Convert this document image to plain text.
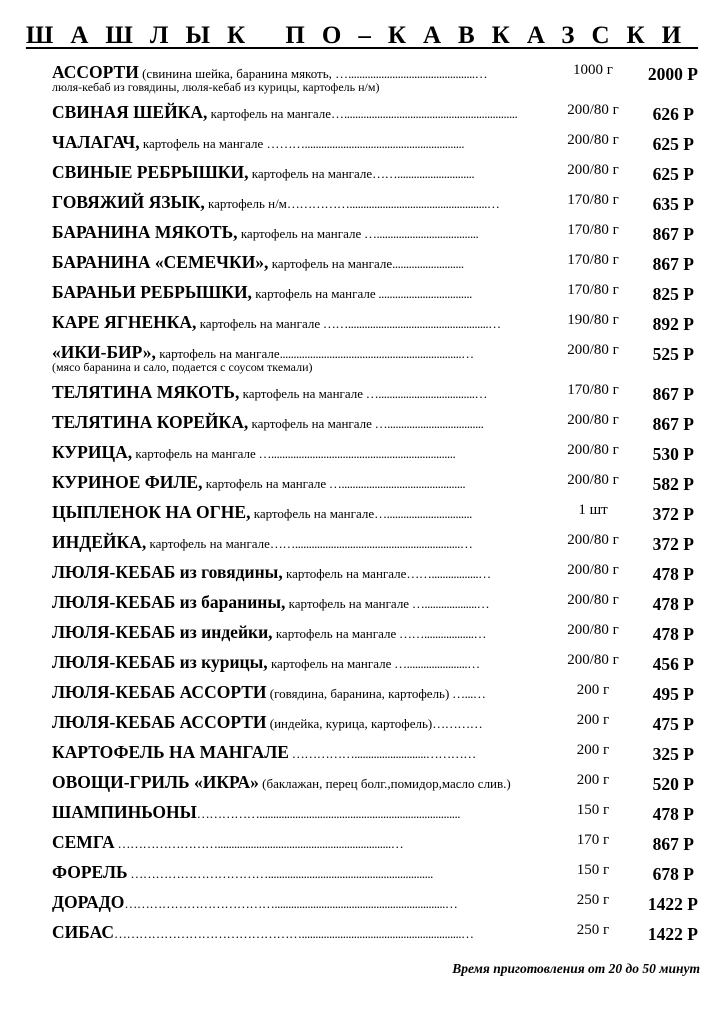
ШАШЛЫК ПО–КАВКАЗСКИ
АССОРТИ (свинина шейка, баранина мякоть, …..............................................…
люля-кебаб из говядины, люля-кебаб из курицы, картофель н/м)
1000 г	2000 Р
СВИНАЯ ШЕЙКА, картофель на мангале…...............................................................	200/80 г	626 Р
ЧАЛАГАЧ, картофель на мангале ………..........................................................	200/80 г	625 Р
СВИНЫЕ РЕБРЫШКИ, картофель на мангале……............................	200/80 г	625 Р
ГОВЯЖИЙ ЯЗЫК, картофель н/м……………..................................................…	170/80 г	635 Р
БАРАНИНА МЯКОТЬ, картофель на мангале ….....................................	170/80 г	867 Р
БАРАНИНА «СЕМЕЧКИ», картофель на мангале..........................	170/80 г	867 Р
БАРАНЬИ РЕБРЫШКИ, картофель на мангале ..................................	170/80 г	825 Р
КАРЕ ЯГНЕНКА, картофель на мангале ……...................................................…	190/80 г	892 Р
«ИКИ-БИР», картофель на мангале..................................................................…
(мясо баранина и сало, подается с соусом ткемали)
200/80 г	525 Р
ТЕЛЯТИНА МЯКОТЬ, картофель на мангале …...................................…	170/80 г	867 Р
ТЕЛЯТИНА КОРЕЙКА, картофель на мангале …...................................	200/80 г	867 Р
КУРИЦА, картофель на мангале …...................................................................	200/80 г	530 Р
КУРИНОЕ ФИЛЕ, картофель на мангале ….............................................	200/80 г	582 Р
ЦЫПЛЕНОК НА ОГНЕ, картофель на мангале…...............................	1 шт	372 Р
ИНДЕЙКА, картофель на мангале……............................................................…	200/80 г	372 Р
ЛЮЛЯ-КЕБАБ из говядины, картофель на мангале…….................…	200/80 г	478 Р
ЛЮЛЯ-КЕБАБ из баранины, картофель на мангале …...................…	200/80 г	478 Р
ЛЮЛЯ-КЕБАБ из индейки, картофель на мангале ……..................…	200/80 г	478 Р
ЛЮЛЯ-КЕБАБ из курицы, картофель на мангале …......................…	200/80 г	456 Р
ЛЮЛЯ-КЕБАБ АССОРТИ (говядина, баранина, картофель) …...…	200 г	495 Р
ЛЮЛЯ-КЕБАБ АССОРТИ (индейка, курица, картофель)…………	200 г	475 Р
КАРТОФЕЛЬ НА МАНГАЛЕ ……………..........................…………	200 г	325 Р
ОВОЩИ-ГРИЛЬ «ИКРА» (баклажан, перец болг.,помидор,масло слив.)	200 г	520 Р
ШАМПИНЬОНЫ…………….........................................................................	150 г	478 Р
СЕМГА ……………………...............................................................…	170 г	867 Р
ФОРЕЛЬ ……………………………............................................................	150 г	678 Р
ДОРАДО………………………………..............................................................…	250 г	1422 Р
СИБАС………………………………………..........................................................…	250 г	1422 Р
Время приготовления от 20 до 50 минут
